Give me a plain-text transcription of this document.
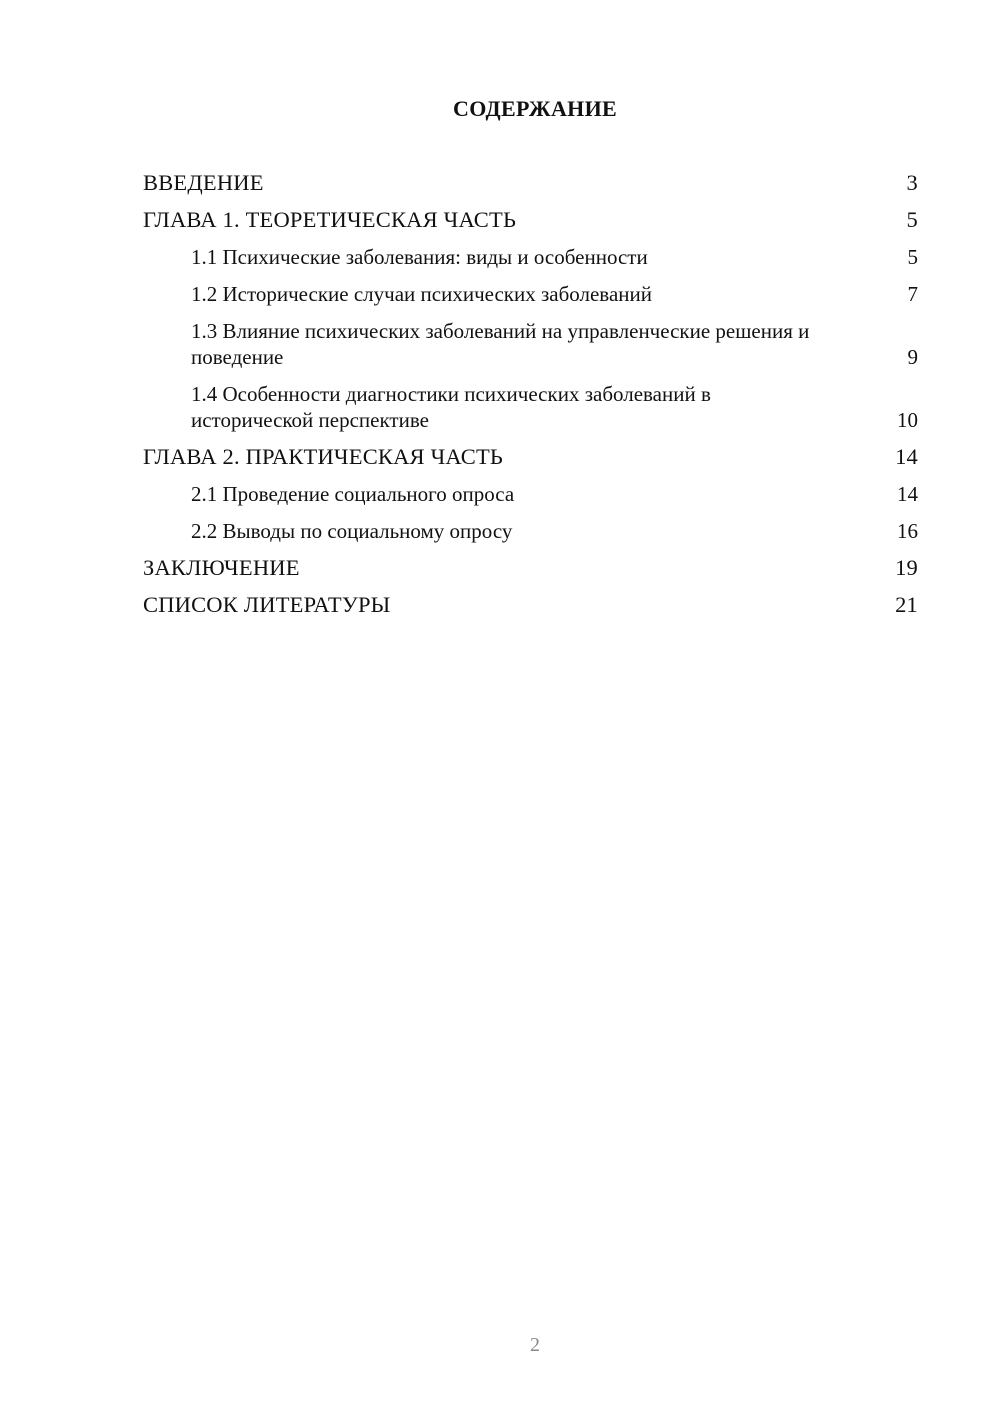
СОДЕРЖАНИЕ
ВВЕДЕНИЕ	3
ГЛАВА 1. ТЕОРЕТИЧЕСКАЯ ЧАСТЬ	5
1.1 Психические заболевания: виды и особенности	5
1.2 Исторические случаи психических заболеваний	7
1.3 Влияние психических заболеваний на управленческие решения и поведение	9
1.4 Особенности диагностики психических заболеваний в исторической перспективе	10
ГЛАВА 2. ПРАКТИЧЕСКАЯ ЧАСТЬ	14
2.1 Проведение социального опроса	14
2.2 Выводы по социальному опросу	16
ЗАКЛЮЧЕНИЕ	19
СПИСОК ЛИТЕРАТУРЫ	21
2
